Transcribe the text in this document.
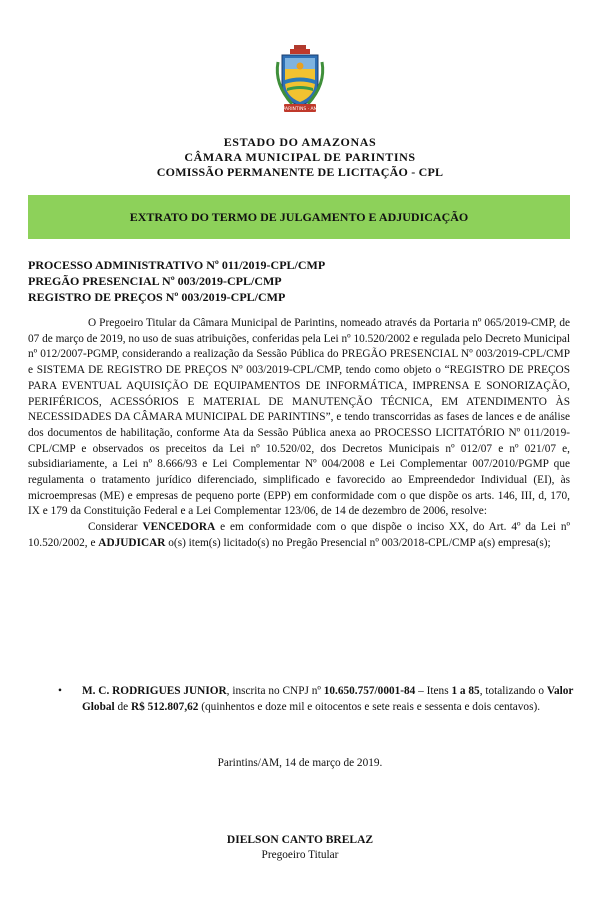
PARINTINS · AM
ESTADO DO AMAZONAS
CÂMARA MUNICIPAL DE PARINTINS
COMISSÃO PERMANENTE DE LICITAÇÃO - CPL
EXTRATO DO TERMO DE JULGAMENTO E ADJUDICAÇÃO
PROCESSO ADMINISTRATIVO Nº 011/2019-CPL/CMP
PREGÃO PRESENCIAL Nº 003/2019-CPL/CMP
REGISTRO DE PREÇOS Nº 003/2019-CPL/CMP

O Pregoeiro Titular da Câmara Municipal de Parintins, nomeado através da Portaria nº 065/2019-CMP, de 07 de março de 2019, no uso de suas atribuições, conferidas pela Lei nº 10.520/2002 e regulada pelo Decreto Municipal nº 012/2007-PGMP, considerando a realização da Sessão Pública do PREGÃO PRESENCIAL Nº 003/2019-CPL/CMP e SISTEMA DE REGISTRO DE PREÇOS Nº 003/2019-CPL/CMP, tendo como objeto o “REGISTRO DE PREÇOS PARA EVENTUAL AQUISIÇÃO DE EQUIPAMENTOS DE INFORMÁTICA, IMPRENSA E SONORIZAÇÃO, PERIFÉRICOS, ACESSÓRIOS E MATERIAL DE MANUTENÇÃO TÉCNICA, EM ATENDIMENTO ÀS NECESSIDADES DA CÂMARA MUNICIPAL DE PARINTINS”, e tendo transcorridas as fases de lances e de análise dos documentos de habilitação, conforme Ata da Sessão Pública anexa ao PROCESSO LICITATÓRIO Nº 011/2019-CPL/CMP e observados os preceitos da Lei nº 10.520/02, dos Decretos Municipais nº 012/07 e nº 021/07 e, subsidiariamente, a Lei nº 8.666/93 e Lei Complementar Nº 004/2008 e Lei Complementar 007/2010/PGMP que regulamenta o tratamento jurídico diferenciado, simplificado e favorecido ao Empreendedor Individual (EI), às microempresas (ME) e empresas de pequeno porte (EPP) em conformidade com o que dispõe os arts. 146, III, d, 170, IX e 179 da Constituição Federal e a Lei Complementar 123/06, de 14 de dezembro de 2006, resolve:

Considerar VENCEDORA e em conformidade com o que dispõe o inciso XX, do Art. 4º da Lei nº 10.520/2002, e ADJUDICAR o(s) item(s) licitado(s) no Pregão Presencial nº 003/2018-CPL/CMP a(s) empresa(s);

• M. C. RODRIGUES JUNIOR, inscrita no CNPJ nº 10.650.757/0001-84 – Itens 1 a 85, totalizando o Valor Global de R$ 512.807,62 (quinhentos e doze mil e oitocentos e sete reais e sessenta e dois centavos).
Parintins/AM, 14 de março de 2019.
DIELSON CANTO BRELAZ
Pregoeiro Titular
